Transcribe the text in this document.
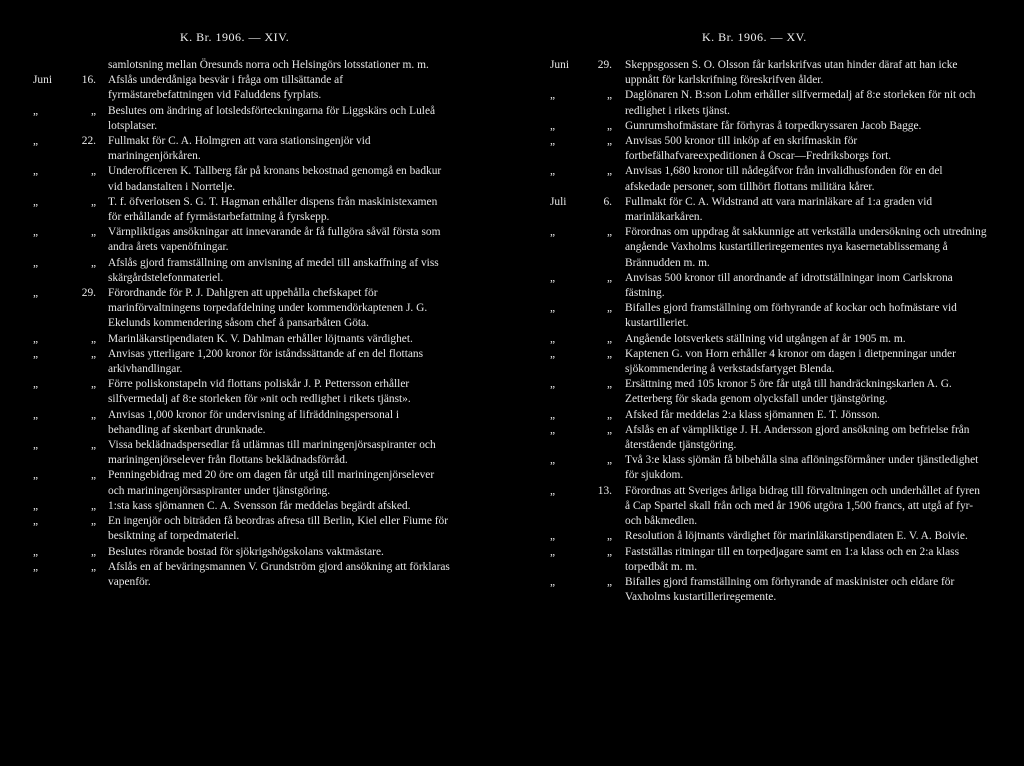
K. Br. 1906. — XIV.
samlotsning mellan Öresunds norra och Helsingörs lotsstationer m. m.
Juni	16. Afslås underdåniga besvär i fråga om tillsättande af fyrmästarebefattningen vid Faluddens fyrplats.
„	„ Beslutes om ändring af lotsledsförteckningarna för Liggskärs och Luleå lotsplatser.
„	22. Fullmakt för C. A. Holmgren att vara stationsingenjör vid mariningenjörkåren.
„	„ Underofficeren K. Tallberg får på kronans bekostnad genomgå en badkur vid badanstalten i Norrtelje.
„	„ T. f. öfverlotsen S. G. T. Hagman erhåller dispens från maskinistexamen för erhållande af fyrmästarbefattning å fyrskepp.
„	„ Värnpliktigas ansökningar att innevarande år få fullgöra såväl första som andra årets vapenöfningar.
„	„ Afslås gjord framställning om anvisning af medel till anskaffning af viss skärgårdstelefonmateriel.
„	29. Förordnande för P. J. Dahlgren att uppehålla chefskapet för marinförvaltningens torpedafdelning under kommendörkaptenen J. G. Ekelunds kommendering såsom chef å pansarbåten Göta.
„	„ Marinläkarstipendiaten K. V. Dahlman erhåller löjtnants värdighet.
„	„ Anvisas ytterligare 1,200 kronor för iståndssättande af en del flottans arkivhandlingar.
„	„ Förre poliskonstapeln vid flottans poliskår J. P. Pettersson erhåller silfvermedalj af 8:e storleken för »nit och redlighet i rikets tjänst».
„	„ Anvisas 1,000 kronor för undervisning af lifräddningspersonal i behandling af skenbart drunknade.
„	„ Vissa beklädnadspersedlar få utlämnas till mariningenjörsaspiranter och mariningenjörselever från flottans beklädnadsförråd.
„	„ Penningebidrag med 20 öre om dagen får utgå till mariningenjörselever och mariningenjörsaspiranter under tjänstgöring.
„	„ 1:sta kass sjömannen C. A. Svensson får meddelas begärdt afsked.
„	„ En ingenjör och biträden få beordras afresa till Berlin, Kiel eller Fiume för besiktning af torpedmateriel.
„	„ Beslutes rörande bostad för sjökrigshögskolans vaktmästare.
„	„ Afslås en af beväringsmannen V. Grundström gjord ansökning att förklaras vapenför.
K. Br. 1906. — XV.
Juni	29. Skeppsgossen S. O. Olsson får karlskrifvas utan hinder däraf att han icke uppnått för karlskrifning föreskrifven ålder.
„	„ Daglönaren N. B:son Lohm erhåller silfvermedalj af 8:e storleken för nit och redlighet i rikets tjänst.
„	„ Gunrumshofmästare får förhyras å torpedkryssaren Jacob Bagge.
„	„ Anvisas 500 kronor till inköp af en skrifmaskin för fortbefälhafvareexpeditionen å Oscar—Fredriksborgs fort.
„	„ Anvisas 1,680 kronor till nådegåfvor från invalidhusfonden för en del afskedade personer, som tillhört flottans militära kårer.
Juli	6. Fullmakt för C. A. Widstrand att vara marinläkare af 1:a graden vid marinläkarkåren.
„	„ Förordnas om uppdrag åt sakkunnige att verkställa undersökning och utredning angående Vaxholms kustartilleriregementes nya kasernetablissemang å Brännudden m. m.
„	„ Anvisas 500 kronor till anordnande af idrottställningar inom Carlskrona fästning.
„	„ Bifalles gjord framställning om förhyrande af kockar och hofmästare vid kustartilleriet.
„	„ Angående lotsverkets ställning vid utgången af år 1905 m. m.
„	„ Kaptenen G. von Horn erhåller 4 kronor om dagen i dietpenningar under sjökommendering å verkstadsfartyget Blenda.
„	„ Ersättning med 105 kronor 5 öre får utgå till handräckningskarlen A. G. Zetterberg för skada genom olycksfall under tjänstgöring.
„	„ Afsked får meddelas 2:a klass sjömannen E. T. Jönsson.
„	„ Afslås en af värnpliktige J. H. Andersson gjord ansökning om befrielse från återstående tjänstgöring.
„	„ Två 3:e klass sjömän få bibehålla sina aflöningsförmåner under tjänstledighet för sjukdom.
„	13. Förordnas att Sveriges årliga bidrag till förvaltningen och underhållet af fyren å Cap Spartel skall från och med år 1906 utgöra 1,500 francs, att utgå af fyr- och båkmedlen.
„	„ Resolution å löjtnants värdighet för marinläkarstipendiaten E. V. A. Boivie.
„	„ Fastställas ritningar till en torpedjagare samt en 1:a klass och en 2:a klass torpedbåt m. m.
„	„ Bifalles gjord framställning om förhyrande af maskinister och eldare för Vaxholms kustartilleriregemente.
